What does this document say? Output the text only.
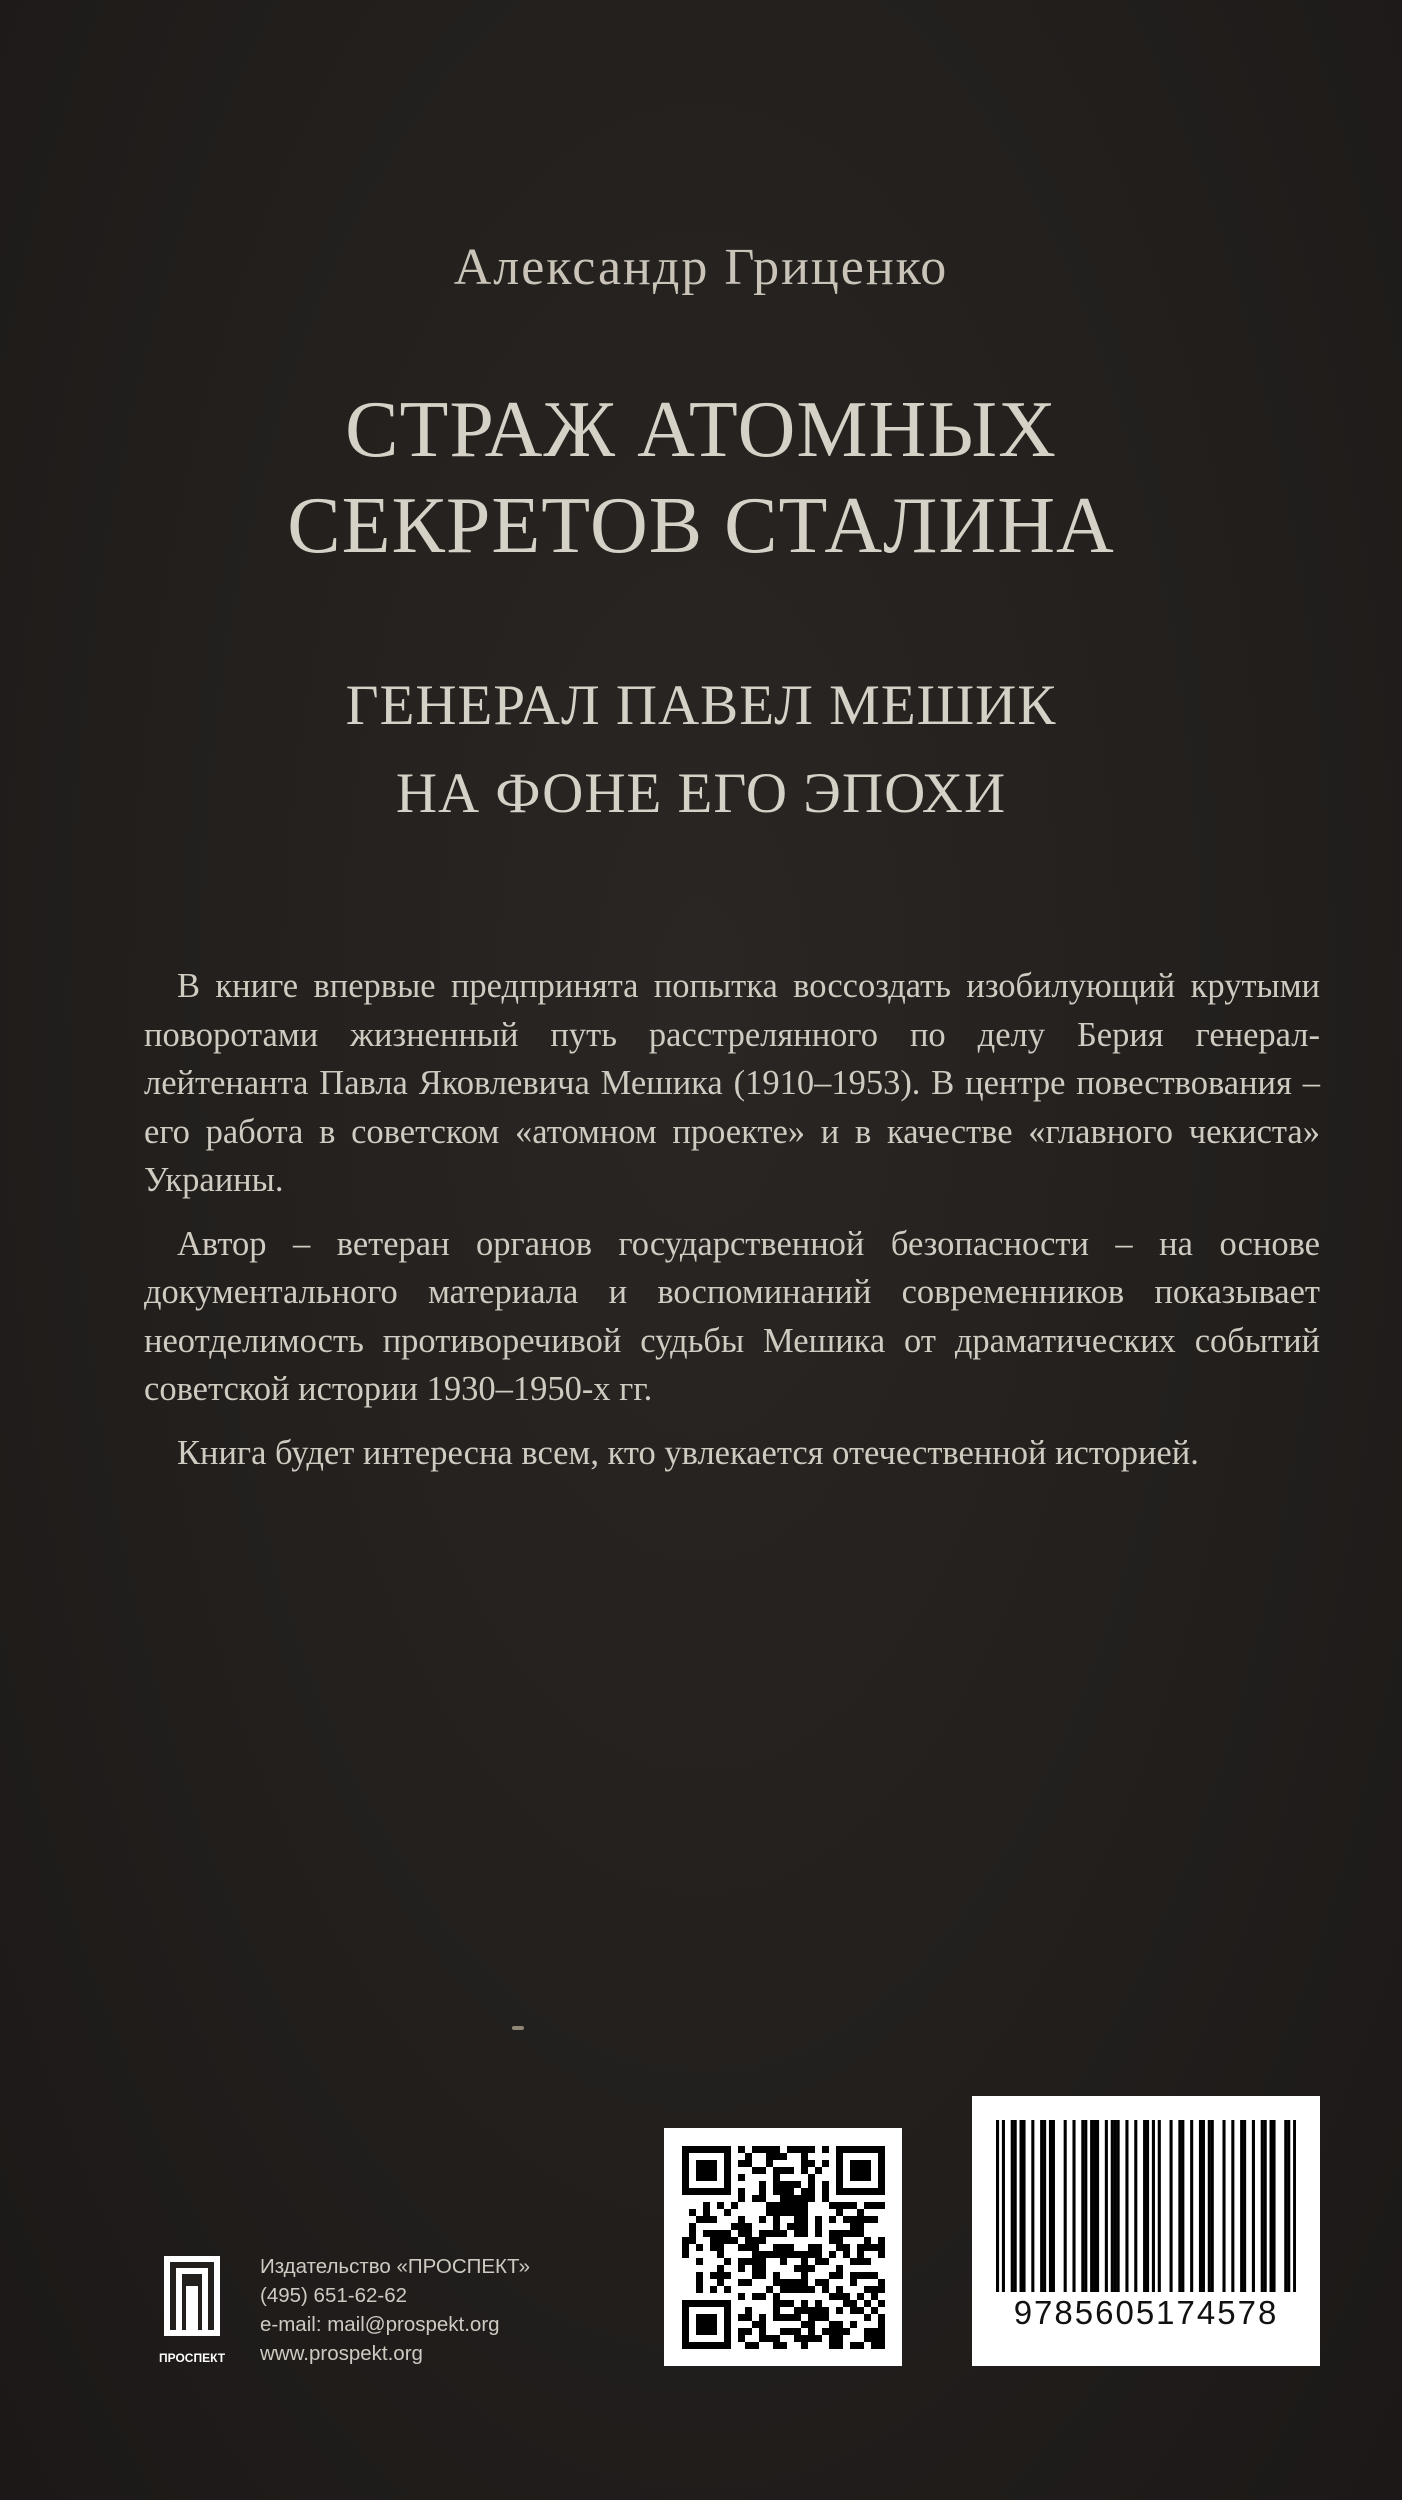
Александр Гриценко
СТРАЖ АТОМНЫХ
СЕКРЕТОВ СТАЛИНА
ГЕНЕРАЛ ПАВЕЛ МЕШИК
НА ФОНЕ ЕГО ЭПОХИ

В книге впервые предпринята попытка воссоздать изобилующий крутыми поворотами жизненный путь расстрелянного по делу Берия генерал-лейтенанта Павла Яковлевича Мешика (1910–1953). В центре повествования – его работа в советском «атомном проекте» и в качестве «главного чекиста» Украины.

Автор – ветеран органов государственной безопасности – на основе документального материала и воспоминаний современников показывает неотделимость противоречивой судьбы Мешика от драматических событий советской истории 1930–1950-х гг.

Книга будет интересна всем, кто увлекается отечественной историей.

ПРОСПЕКТ
Издательство «ПРОСПЕКТ»
(495) 651-62-62
e-mail: mail@prospekt.org
www.prospekt.org
9785605174578
